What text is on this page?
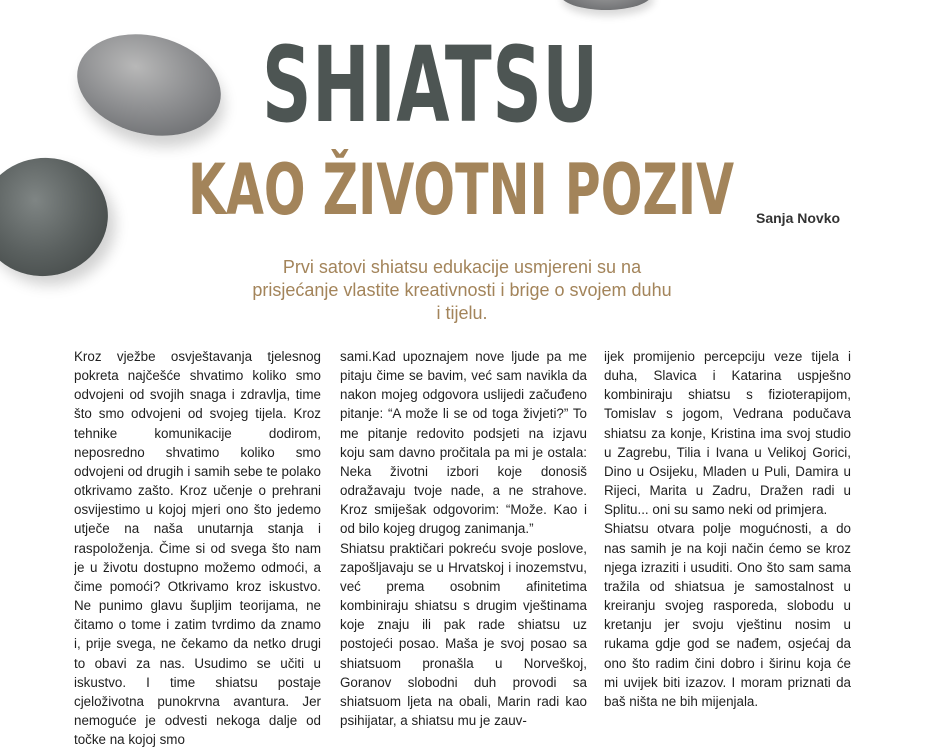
SHIATSU
KAO ŽIVOTNI POZIV Sanja Novko

Prvi satovi shiatsu edukacije usmjereni su na prisjećanje vlastite kreativnosti i brige o svojem duhu i tijelu.

Kroz vježbe osvještavanja tjelesnog pokreta najčešće shvatimo koliko smo odvojeni od svojih snaga i zdravlja, time što smo odvojeni od svojeg tijela. Kroz tehnike komunikacije dodirom, neposredno shvatimo koliko smo odvojeni od drugih i samih sebe te polako otkrivamo zašto. Kroz učenje o prehrani osvijestimo u kojoj mjeri ono što jedemo utječe na naša unutarnja stanja i raspoloženja. Čime si od svega što nam je u životu dostupno možemo odmoći, a čime pomoći? Otkrivamo kroz iskustvo. Ne punimo glavu šupljim teorijama, ne čitamo o tome i zatim tvrdimo da znamo i, prije svega, ne čekamo da netko drugi to obavi za nas. Usudimo se učiti u iskustvo. I time shiatsu postaje cjeloživotna punokrvna avantura. Jer nemoguće je odvesti nekoga dalje od točke na kojoj smo

sami.Kad upoznajem nove ljude pa me pitaju čime se bavim, već sam navikla da nakon mojeg odgovora uslijedi začuđeno pitanje: “A može li se od toga živjeti?” To me pitanje redovito podsjeti na izjavu koju sam davno pročitala pa mi je ostala: Neka životni izbori koje donosiš odražavaju tvoje nade, a ne strahove. Kroz smiješak odgovorim: “Može. Kao i od bilo kojeg drugog zanimanja.”

Shiatsu praktičari pokreću svoje poslove, zapošljavaju se u Hrvatskoj i inozemstvu, već prema osobnim afinitetima kombiniraju shiatsu s drugim vještinama koje znaju ili pak rade shiatsu uz postojeći posao. Maša je svoj posao sa shiatsuom pronašla u Norveškoj, Goranov slobodni duh provodi sa shiatsuom ljeta na obali, Marin radi kao psihijatar, a shiatsu mu je zauv-

ijek promijenio percepciju veze tijela i duha, Slavica i Katarina uspješno kombiniraju shiatsu s fizioterapijom, Tomislav s jogom, Vedrana podučava shiatsu za konje, Kristina ima svoj studio u Zagrebu, Tilia i Ivana u Velikoj Gorici, Dino u Osijeku, Mladen u Puli, Damira u Rijeci, Marita u Zadru, Dražen radi u Splitu... oni su samo neki od primjera.

Shiatsu otvara polje mogućnosti, a do nas samih je na koji način ćemo se kroz njega izraziti i usuditi. Ono što sam sama tražila od shiatsua je samostalnost u kreiranju svojeg rasporeda, slobodu u kretanju jer svoju vještinu nosim u rukama gdje god se nađem, osjećaj da ono što radim čini dobro i širinu koja će mi uvijek biti izazov. I moram priznati da baš ništa ne bih mijenjala.
